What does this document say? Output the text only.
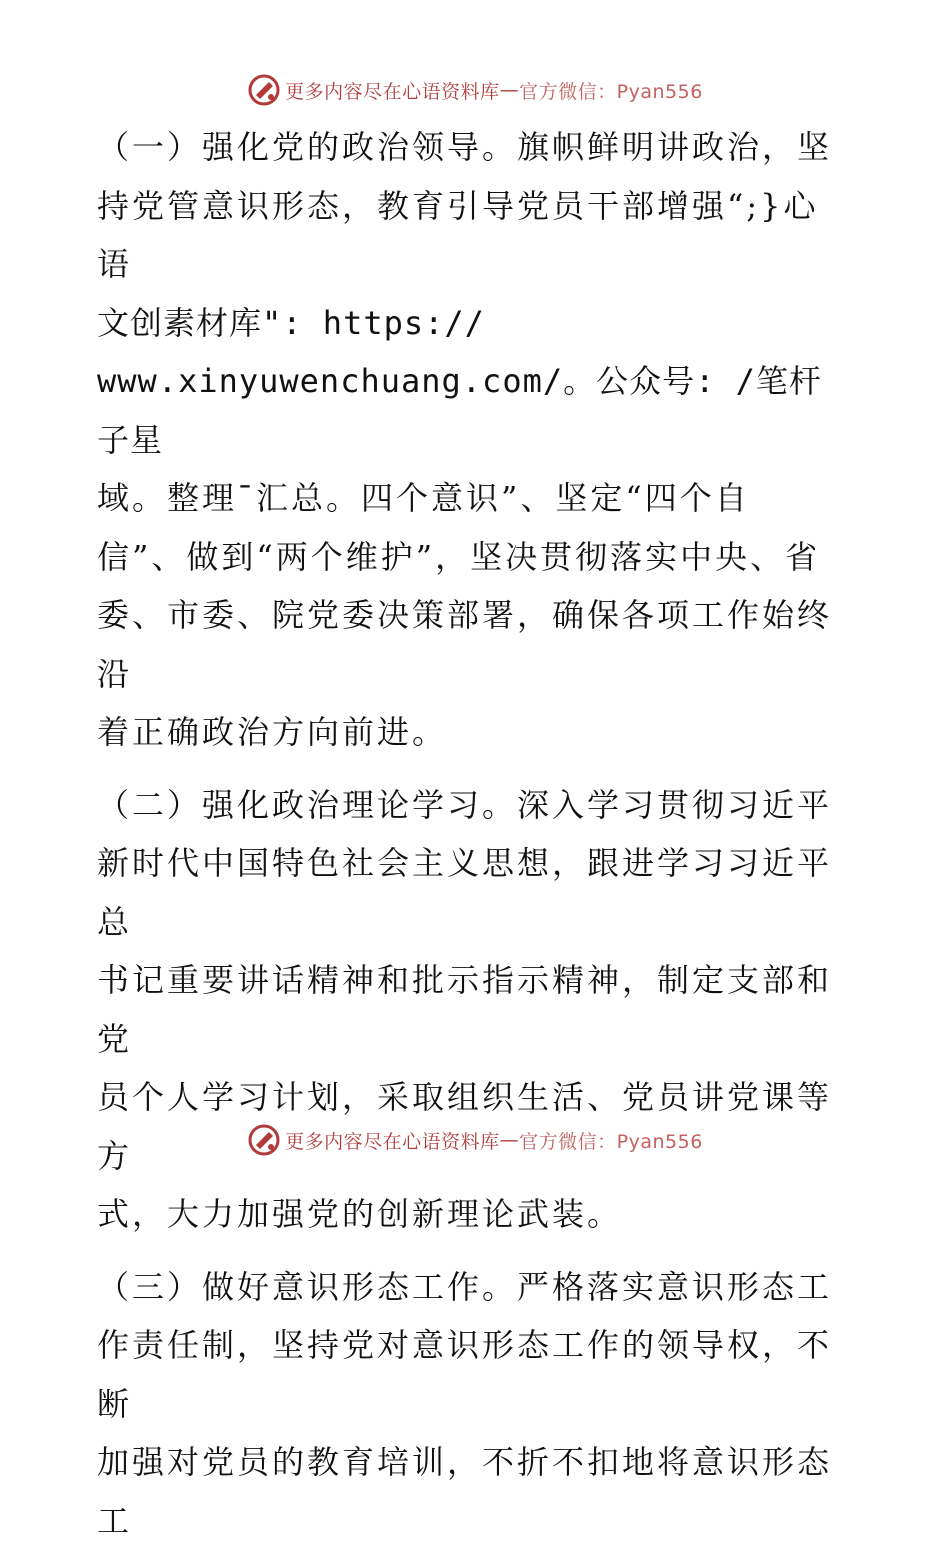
更多内容尽在心语资料库 — 官方微信：Pyan556

（一）强化党的政治领导。旗帜鲜明讲政治，坚
持党管意识形态，教育引导党员干部增强“;}心语
文创素材库": https://
www.xinyuwenchuang.com/。公众号: /笔杆子星
域。整理¯汇总。四个意识”、坚定“四个自
信”、做到“两个维护”，坚决贯彻落实中央、省
委、市委、院党委决策部署，确保各项工作始终沿
着正确政治方向前进。

（二）强化政治理论学习。深入学习贯彻习近平
新时代中国特色社会主义思想，跟进学习习近平总
书记重要讲话精神和批示指示精神，制定支部和党
员个人学习计划，采取组织生活、党员讲党课等方
式，大力加强党的创新理论武装。

（三）做好意识形态工作。严格落实意识形态工
作责任制，坚持党对意识形态工作的领导权，不断
加强对党员的教育培训，不折不扣地将意识形态工

更多内容尽在心语资料库 — 官方微信：Pyan556
